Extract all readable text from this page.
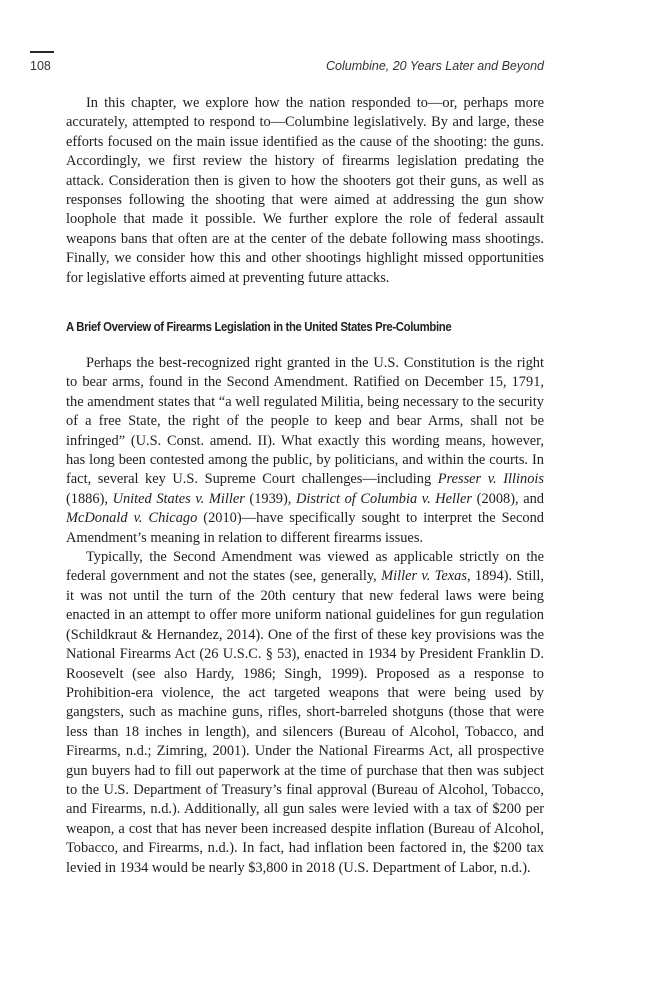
108	Columbine, 20 Years Later and Beyond

In this chapter, we explore how the nation responded to—or, perhaps more accurately, attempted to respond to—Columbine legislatively. By and large, these efforts focused on the main issue identified as the cause of the shooting: the guns. Accordingly, we first review the history of firearms legislation predating the attack. Consideration then is given to how the shooters got their guns, as well as responses following the shooting that were aimed at addressing the gun show loophole that made it possible. We further explore the role of federal assault weapons bans that often are at the center of the debate following mass shootings. Finally, we consider how this and other shootings highlight missed opportunities for legislative efforts aimed at preventing future attacks.

A Brief Overview of Firearms Legislation in the United States Pre-Columbine

Perhaps the best-recognized right granted in the U.S. Constitution is the right to bear arms, found in the Second Amendment. Ratified on December 15, 1791, the amendment states that “a well regulated Militia, being necessary to the security of a free State, the right of the people to keep and bear Arms, shall not be infringed” (U.S. Const. amend. II). What exactly this wording means, however, has long been contested among the public, by politicians, and within the courts. In fact, several key U.S. Supreme Court challenges—including Presser v. Illinois (1886), United States v. Miller (1939), District of Columbia v. Heller (2008), and McDonald v. Chicago (2010)—have specifically sought to interpret the Second Amendment’s meaning in relation to different firearms issues.

Typically, the Second Amendment was viewed as applicable strictly on the federal government and not the states (see, generally, Miller v. Texas, 1894). Still, it was not until the turn of the 20th century that new federal laws were being enacted in an attempt to offer more uniform national guidelines for gun regulation (Schildkraut & Hernandez, 2014). One of the first of these key provisions was the National Firearms Act (26 U.S.C. § 53), enacted in 1934 by President Franklin D. Roosevelt (see also Hardy, 1986; Singh, 1999). Proposed as a response to Prohibition-era violence, the act targeted weapons that were being used by gangsters, such as machine guns, rifles, short-barreled shotguns (those that were less than 18 inches in length), and silencers (Bureau of Alcohol, Tobacco, and Firearms, n.d.; Zimring, 2001). Under the National Firearms Act, all prospective gun buyers had to fill out paperwork at the time of purchase that then was subject to the U.S. Department of Treasury’s final approval (Bureau of Alcohol, Tobacco, and Firearms, n.d.). Additionally, all gun sales were levied with a tax of $200 per weapon, a cost that has never been increased despite inflation (Bureau of Alcohol, Tobacco, and Firearms, n.d.). In fact, had inflation been factored in, the $200 tax levied in 1934 would be nearly $3,800 in 2018 (U.S. Department of Labor, n.d.).
